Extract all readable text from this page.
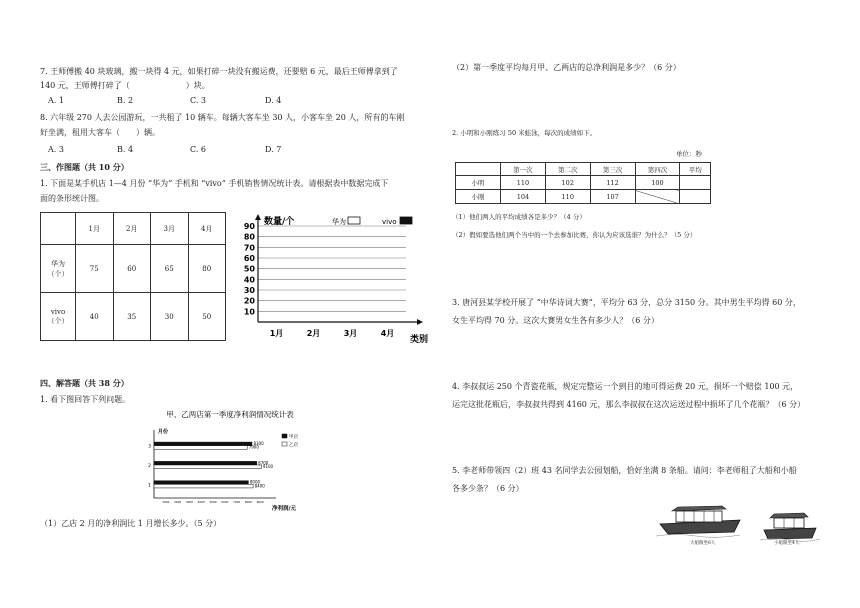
7. 王师傅搬 40 块玻璃，搬一块得 4 元，如果打碎一块没有搬运费，还要赔 6 元，最后王师傅拿到了
140 元，王师傅打碎了（　　　　　　　）块。
A. 1	B. 2	C. 3	D. 4
8. 六年级 270 人去公园游玩，一共租了 10 辆车。每辆大客车坐 30 人，小客车坐 20 人，所有的车刚
好坐满，租用大客车（　　）辆。
A. 3	B. 4	C. 6	D. 7
三、作图题（共 10 分）
1. 下面是某手机店 1—4 月份 “华为” 手机和 “vivo” 手机销售情况统计表。请根据表中数据完成下
面的条形统计图。
	1月	2月	3月	4月

华为
（个）	75	60	65	80

vivo
（个）	40	35	30	50
10
20
30
40
50
60
70
80
90 数量/个
类别
1月	2月	3月	4月
华为	vivo
四、解答题（共 38 分）
1. 看下图回答下列问题。
甲、乙两店第一季度净利润情况统计表
月份
净利润/元
1000 2000 3000 4000 5000 6000 7000 8000 9000
1
8000
8400
2
8700
9100
3
8300
7900
甲店
乙店
（1）乙店 2 月的净利润比 1 月增长多少。（5 分）
（2）第一季度平均每月甲、乙两店的总净利润是多少？（6 分）
2. 小明和小刚练习 50 米蛙泳，每次的成绩如下。
单位：秒
	第一次	第二次	第三次	第四次	平均
小明	110	102	112	100	
小刚	104	110	107		
（1）他们两人的平均成绩各是多少？（4 分）
（2）假如要选他们两个当中的一个去参加比赛，你认为应该选谁？为什么？（5 分）
3. 唐河县某学校开展了 “中华诗词大赛”，平均分 63 分，总分 3150 分。其中男生平均得 60 分，
女生平均得 70 分。这次大赛男女生各有多少人？（6 分）
4. 李叔叔运 250 个青瓷花瓶，规定完整运一个到目的地可得运费 20 元，损坏一个赔偿 100 元，
运完这批花瓶后，李叔叔共得到 4160 元，那么李叔叔在这次运送过程中损坏了几个花瓶？（6 分）
5. 李老师带领四（2）班 43 名同学去公园划船，恰好坐满 8 条船。请问：李老师租了大船和小船
各多少条？（6 分）
大船限坐6人	小船限坐4人
